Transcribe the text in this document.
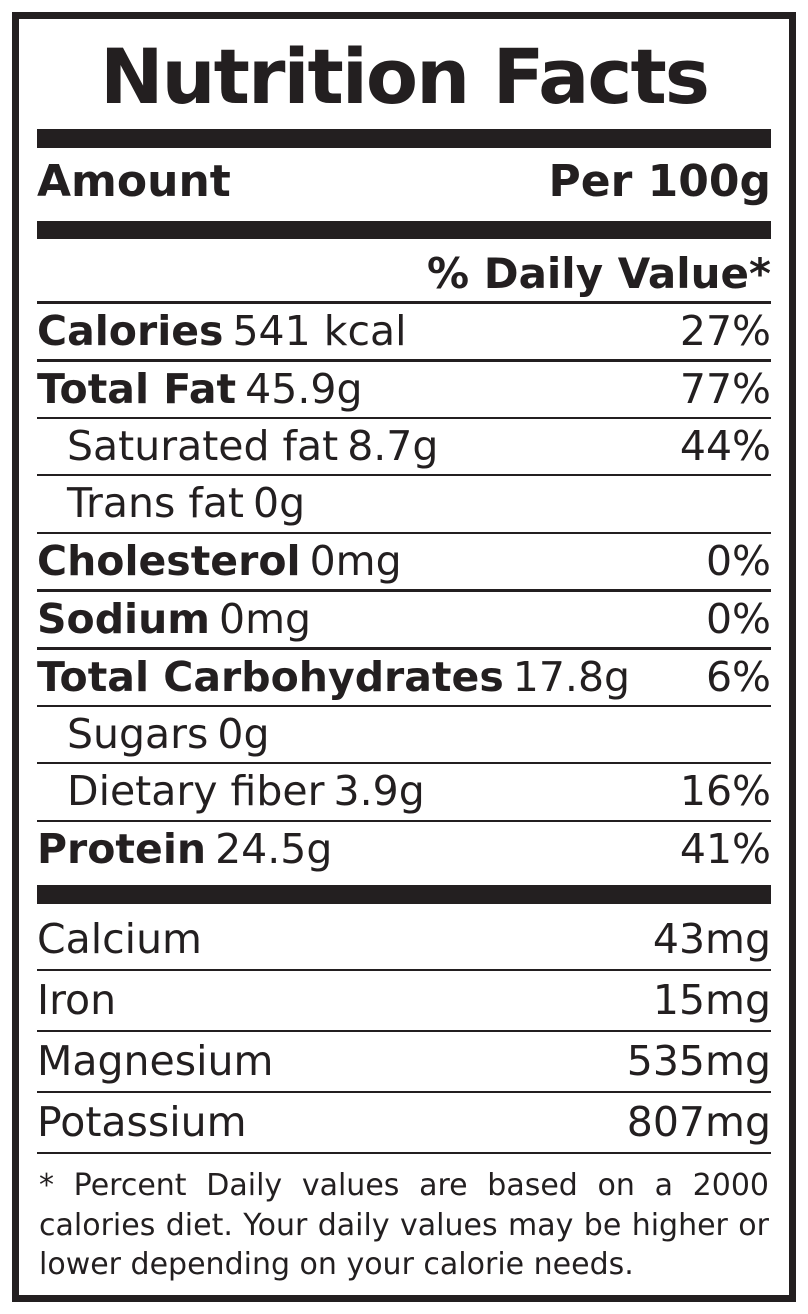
Nutrition Facts
Amount	Per 100g
% Daily Value*
Calories 541 kcal	27%
Total Fat 45.9g	77%
Saturated fat 8.7g	44%
Trans fat 0g
Cholesterol 0mg	0%
Sodium 0mg	0%
Total Carbohydrates 17.8g 6%
Sugars 0g
Dietary fiber 3.9g	16%
Protein 24.5g	41%
Calcium	43mg
Iron	15mg
Magnesium	535mg
Potassium	807mg
* Percent Daily values are based on a 2000 calories diet. Your daily values may be higher or lower depending on your calorie needs.
